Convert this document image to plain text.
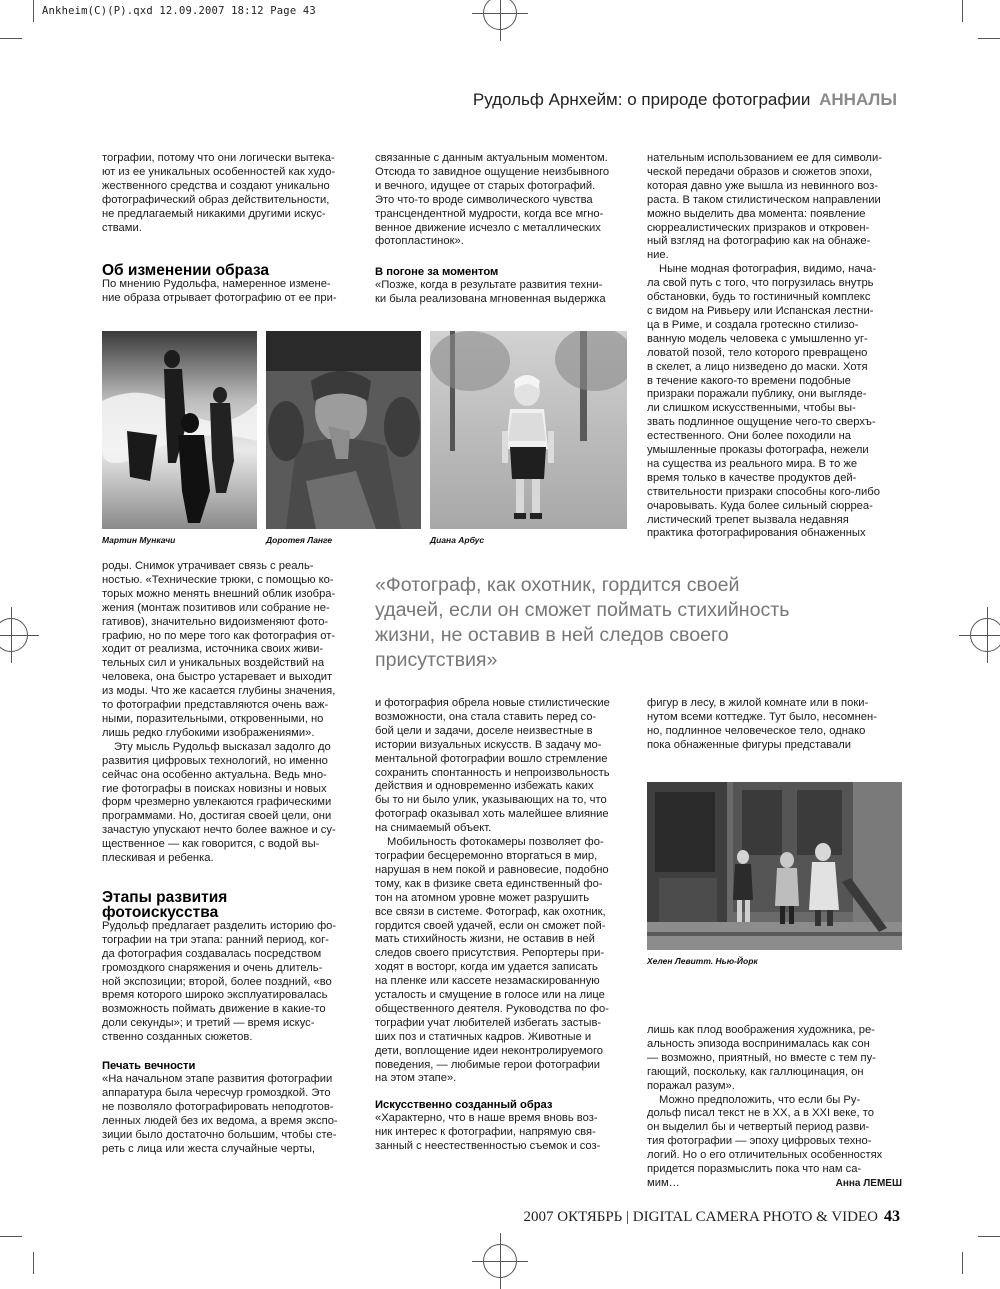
Ankheim(C)(P).qxd 12.09.2007 18:12 Page 43
Рудольф Арнхейм: о природе фотографии АННАЛЫ

тографии, потому что они логически вытека-
ют из ее уникальных особенностей как худо-
жественного средства и создают уникально
фотографический образ действительности,
не предлагаемый никакими другими искус-
ствами.

Об изменении образа

По мнению Рудольфа, намеренное измене-
ние образа отрывает фотографию от ее при-

связанные с данным актуальным моментом.
Отсюда то завидное ощущение неизбывного
и вечного, идущее от старых фотографий.
Это что-то вроде символического чувства
трансцендентной мудрости, когда все мгно-
венное движение исчезло с металлических
фотопластинок».

В погоне за моментом

«Позже, когда в результате развития техни-
ки была реализована мгновенная выдержка

нательным использованием ее для символи-
ческой передачи образов и сюжетов эпохи,
которая давно уже вышла из невинного воз-
раста. В таком стилистическом направлении
можно выделить два момента: появление
сюрреалистических призраков и откровен-
ный взгляд на фотографию как на обнаже-
ние.

Ныне модная фотография, видимо, нача-
ла свой путь с того, что погрузилась внутрь
обстановки, будь то гостиничный комплекс
с видом на Ривьеру или Испанская лестни-
ца в Риме, и создала гротескно стилизо-
ванную модель человека с умышленно уг-
ловатой позой, тело которого превращено
в скелет, а лицо низведено до маски. Хотя
в течение какого-то времени подобные
призраки поражали публику, они выгляде-
ли слишком искусственными, чтобы вы-
звать подлинное ощущение чего-то сверхъ-
естественного. Они более походили на
умышленные проказы фотографа, нежели
на существа из реального мира. В то же
время только в качестве продуктов дей-
ствительности призраки способны кого-либо
очаровывать. Куда более сильный сюрреа-
листический трепет вызвала недавняя
практика фотографирования обнаженных

Мартин Мункачи	Доротея Ланге	Диана Арбус

роды. Снимок утрачивает связь с реаль-
ностью. «Технические трюки, с помощью ко-
торых можно менять внешний облик изобра-
жения (монтаж позитивов или собрание не-
гативов), значительно видоизменяют фото-
графию, но по мере того как фотография от-
ходит от реализма, источника своих живи-
тельных сил и уникальных воздействий на
человека, она быстро устаревает и выходит
из моды. Что же касается глубины значения,
то фотографии представляются очень важ-
ными, поразительными, откровенными, но
лишь редко глубокими изображениями».

Эту мысль Рудольф высказал задолго до
развития цифровых технологий, но именно
сейчас она особенно актуальна. Ведь мно-
гие фотографы в поисках новизны и новых
форм чрезмерно увлекаются графическими
программами. Но, достигая своей цели, они
зачастую упускают нечто более важное и су-
щественное — как говорится, с водой вы-
плескивая и ребенка.

Этапы развития
фотоискусства

Рудольф предлагает разделить историю фо-
тографии на три этапа: ранний период, ког-
да фотография создавалась посредством
громоздкого снаряжения и очень длитель-
ной экспозиции; второй, более поздний, «во
время которого широко эксплуатировалась
возможность поймать движение в какие-то
доли секунды»; и третий — время искус-
ственно созданных сюжетов.

Печать вечности

«На начальном этапе развития фотографии
аппаратура была чересчур громоздкой. Это
не позволяло фотографировать неподготов-
ленных людей без их ведома, а время экспо-
зиции было достаточно большим, чтобы сте-
реть с лица или жеста случайные черты,

«Фотограф, как охотник, гордится своей
удачей, если он сможет поймать стихийность
жизни, не оставив в ней следов своего
присутствия»

и фотография обрела новые стилистические
возможности, она стала ставить перед со-
бой цели и задачи, доселе неизвестные в
истории визуальных искусств. В задачу мо-
ментальной фотографии вошло стремление
сохранить спонтанность и непроизвольность
действия и одновременно избежать каких
бы то ни было улик, указывающих на то, что
фотограф оказывал хоть малейшее влияние
на снимаемый объект.

Мобильность фотокамеры позволяет фо-
тографии бесцеремонно вторгаться в мир,
нарушая в нем покой и равновесие, подобно
тому, как в физике света единственный фо-
тон на атомном уровне может разрушить
все связи в системе. Фотограф, как охотник,
гордится своей удачей, если он сможет пой-
мать стихийность жизни, не оставив в ней
следов своего присутствия. Репортеры при-
ходят в восторг, когда им удается записать
на пленке или кассете незамаскированную
усталость и смущение в голосе или на лице
общественного деятеля. Руководства по фо-
тографии учат любителей избегать застыв-
ших поз и статичных кадров. Животные и
дети, воплощение идеи неконтролируемого
поведения, — любимые герои фотографии
на этом этапе».

Искусственно созданный образ

«Характерно, что в наше время вновь воз-
ник интерес к фотографии, напрямую свя-
занный с неестественностью съемок и соз-

фигур в лесу, в жилой комнате или в поки-
нутом всеми коттедже. Тут было, несомнен-
но, подлинное человеческое тело, однако
пока обнаженные фигуры представали

Хелен Левитт. Нью-Йорк

лишь как плод воображения художника, ре-
альность эпизода воспринималась как сон
— возможно, приятный, но вместе с тем пу-
гающий, поскольку, как галлюцинация, он
поражал разум».

Можно предположить, что если бы Ру-
дольф писал текст не в XX, а в XXI веке, то
он выделил бы и четвертый период разви-
тия фотографии — эпоху цифровых техно-
логий. Но о его отличительных особенностях
придется поразмыслить пока что нам са-

мим…	Анна ЛЕМЕШ

2007 ОКТЯБРЬ | DIGITAL CAMERA PHOTO & VIDEO 43
